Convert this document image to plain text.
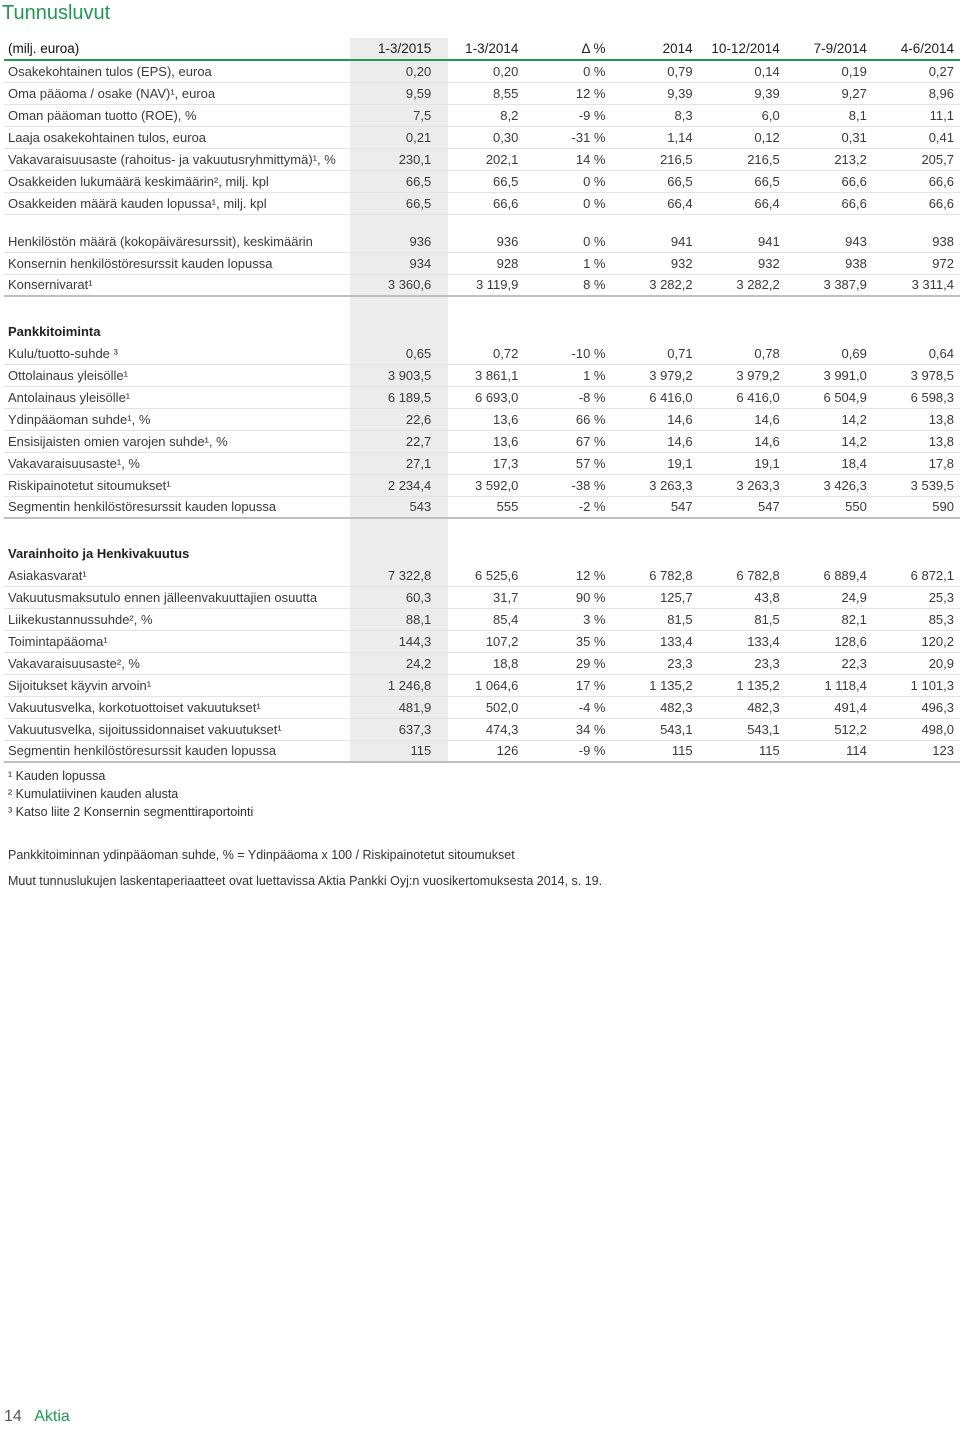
Tunnusluvut
(milj. euroa)	1-3/2015	1-3/2014	Δ %	2014	10-12/2014	7-9/2014	4-6/2014
Osakekohtainen tulos (EPS), euroa	0,20	0,20	0 %	0,79	0,14	0,19	0,27
Oma pääoma / osake (NAV)¹, euroa	9,59	8,55	12 %	9,39	9,39	9,27	8,96
Oman pääoman tuotto (ROE), %	7,5	8,2	-9 %	8,3	6,0	8,1	11,1
Laaja osakekohtainen tulos, euroa	0,21	0,30	-31 %	1,14	0,12	0,31	0,41
Vakavaraisuusaste (rahoitus- ja vakuutusryhmittymä)¹, %	230,1	202,1	14 %	216,5	216,5	213,2	205,7
Osakkeiden lukumäärä keskimäärin², milj. kpl	66,5	66,5	0 %	66,5	66,5	66,6	66,6
Osakkeiden määrä kauden lopussa¹, milj. kpl	66,5	66,6	0 %	66,4	66,4	66,6	66,6
Henkilöstön määrä (kokopäiväresurssit), keskimäärin	936	936	0 %	941	941	943	938
Konsernin henkilöstöresurssit kauden lopussa	934	928	1 %	932	932	938	972
Konsernivarat¹	3 360,6	3 119,9	8 %	3 282,2	3 282,2	3 387,9	3 311,4

Pankkitoiminta							
Kulu/tuotto-suhde ³	0,65	0,72	-10 %	0,71	0,78	0,69	0,64
Ottolainaus yleisölle¹	3 903,5	3 861,1	1 %	3 979,2	3 979,2	3 991,0	3 978,5
Antolainaus yleisölle¹	6 189,5	6 693,0	-8 %	6 416,0	6 416,0	6 504,9	6 598,3
Ydinpääoman suhde¹, %	22,6	13,6	66 %	14,6	14,6	14,2	13,8
Ensisijaisten omien varojen suhde¹, %	22,7	13,6	67 %	14,6	14,6	14,2	13,8
Vakavaraisuusaste¹, %	27,1	17,3	57 %	19,1	19,1	18,4	17,8
Riskipainotetut sitoumukset¹	2 234,4	3 592,0	-38 %	3 263,3	3 263,3	3 426,3	3 539,5
Segmentin henkilöstöresurssit kauden lopussa	543	555	-2 %	547	547	550	590

Varainhoito ja Henkivakuutus							
Asiakasvarat¹	7 322,8	6 525,6	12 %	6 782,8	6 782,8	6 889,4	6 872,1
Vakuutusmaksutulo ennen jälleenvakuuttajien osuutta	60,3	31,7	90 %	125,7	43,8	24,9	25,3
Liikekustannussuhde², %	88,1	85,4	3 %	81,5	81,5	82,1	85,3
Toimintapääoma¹	144,3	107,2	35 %	133,4	133,4	128,6	120,2
Vakavaraisuusaste², %	24,2	18,8	29 %	23,3	23,3	22,3	20,9
Sijoitukset käyvin arvoin¹	1 246,8	1 064,6	17 %	1 135,2	1 135,2	1 118,4	1 101,3
Vakuutusvelka, korkotuottoiset vakuutukset¹	481,9	502,0	-4 %	482,3	482,3	491,4	496,3
Vakuutusvelka, sijoitussidonnaiset vakuutukset¹	637,3	474,3	34 %	543,1	543,1	512,2	498,0
Segmentin henkilöstöresurssit kauden lopussa	115	126	-9 %	115	115	114	123
¹ Kauden lopussa
² Kumulatiivinen kauden alusta
³ Katso liite 2 Konsernin segmenttiraportointi
Pankkitoiminnan ydinpääoman suhde, % = Ydinpääoma x 100 / Riskipainotetut sitoumukset
Muut tunnuslukujen laskentaperiaatteet ovat luettavissa Aktia Pankki Oyj:n vuosikertomuksesta 2014, s. 19.
14 Aktia
